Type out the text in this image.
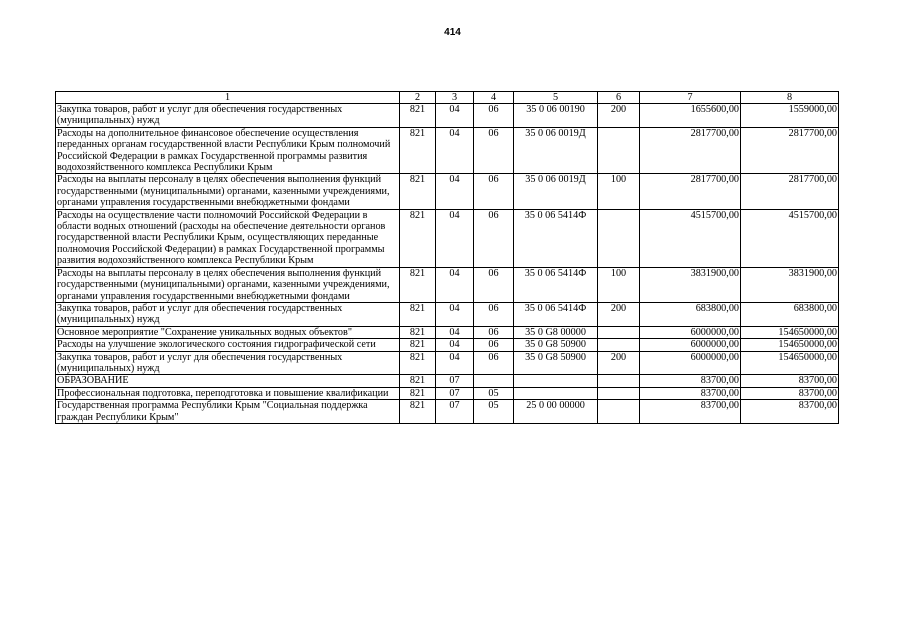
414
1	2	3	4	5	6	7	8
Закупка товаров, работ и услуг для обеспечения государственных (муниципальных) нужд	821	04	06	35 0 06 00190	200	1655600,00	1559000,00
Расходы на дополнительное финансовое обеспечение осуществления переданных органам государственной власти Республики Крым полномочий Российской Федерации в рамках Государственной программы развития водохозяйственного комплекса Республики Крым	821	04	06	35 0 06 0019Д		2817700,00	2817700,00
Расходы на выплаты персоналу в целях обеспечения выполнения функций государственными (муниципальными) органами, казенными учреждениями, органами управления государственными внебюджетными фондами	821	04	06	35 0 06 0019Д	100	2817700,00	2817700,00
Расходы на осуществление части полномочий Российской Федерации в области водных отношений (расходы на обеспечение деятельности органов государственной власти Республики Крым, осуществляющих переданные полномочия Российской Федерации) в рамках Государственной программы развития водохозяйственного комплекса Республики Крым	821	04	06	35 0 06 5414Ф		4515700,00	4515700,00
Расходы на выплаты персоналу в целях обеспечения выполнения функций государственными (муниципальными) органами, казенными учреждениями, органами управления государственными внебюджетными фондами	821	04	06	35 0 06 5414Ф	100	3831900,00	3831900,00
Закупка товаров, работ и услуг для обеспечения государственных (муниципальных) нужд	821	04	06	35 0 06 5414Ф	200	683800,00	683800,00
Основное мероприятие "Сохранение уникальных водных объектов"	821	04	06	35 0 G8 00000		6000000,00	154650000,00
Расходы на улучшение экологического состояния гидрографической сети	821	04	06	35 0 G8 50900		6000000,00	154650000,00
Закупка товаров, работ и услуг для обеспечения государственных (муниципальных) нужд	821	04	06	35 0 G8 50900	200	6000000,00	154650000,00
ОБРАЗОВАНИЕ	821	07				83700,00	83700,00
Профессиональная подготовка, переподготовка и повышение квалификации	821	07	05			83700,00	83700,00
Государственная программа Республики Крым "Социальная поддержка граждан Республики Крым"	821	07	05	25 0 00 00000		83700,00	83700,00
